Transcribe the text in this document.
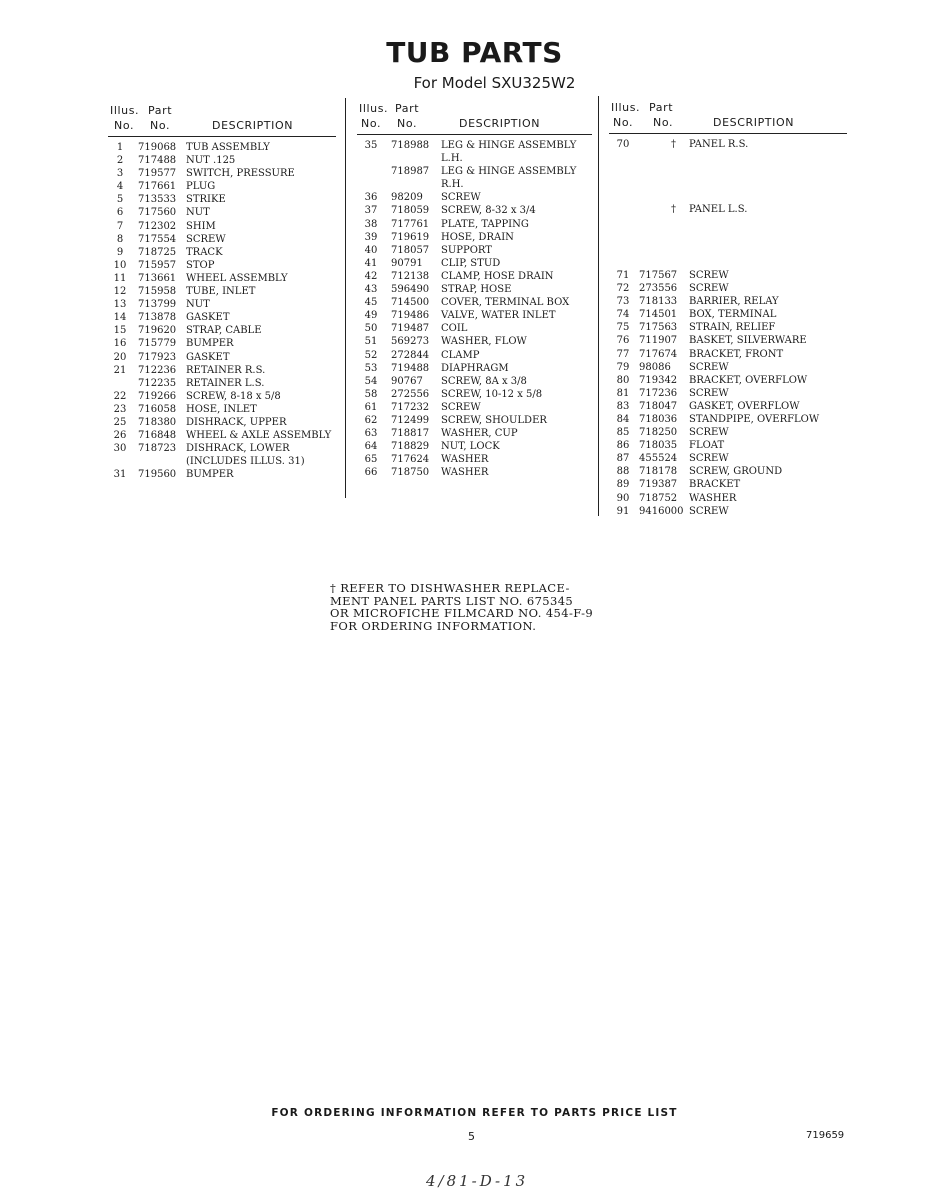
TUB PARTS
For Model SXU325W2
Illus. Part
No. No.	DESCRIPTION
1	719068 TUB ASSEMBLY
2	717488 NUT .125
3	719577 SWITCH, PRESSURE
4	717661 PLUG
5	713533 STRIKE
6	717560 NUT
7	712302 SHIM
8	717554 SCREW
9	718725 TRACK
10	715957 STOP
11	713661 WHEEL ASSEMBLY
12	715958 TUBE, INLET
13	713799 NUT
14	713878 GASKET
15	719620 STRAP, CABLE
16	715779 BUMPER
20	717923 GASKET
21	712236 RETAINER R.S.
712235 RETAINER L.S.
22	719266 SCREW, 8-18 x 5/8
23	716058 HOSE, INLET
25	718380 DISHRACK, UPPER
26	716848 WHEEL & AXLE ASSEMBLY
30	718723 DISHRACK, LOWER
(INCLUDES ILLUS. 31)
31	719560 BUMPER
Illus. Part
No. No.	DESCRIPTION
35	718988	LEG & HINGE ASSEMBLY
L.H.
718987	LEG & HINGE ASSEMBLY
R.H.
36	98209	SCREW
37	718059	SCREW, 8-32 x 3/4
38	717761	PLATE, TAPPING
39	719619	HOSE, DRAIN
40	718057	SUPPORT
41	90791	CLIP, STUD
42	712138	CLAMP, HOSE DRAIN
43	596490	STRAP, HOSE
45	714500	COVER, TERMINAL BOX
49	719486	VALVE, WATER INLET
50	719487	COIL
51	569273	WASHER, FLOW
52	272844	CLAMP
53	719488	DIAPHRAGM
54	90767	SCREW, 8A x 3/8
58	272556	SCREW, 10-12 x 5/8
61	717232	SCREW
62	712499	SCREW, SHOULDER
63	718817	WASHER, CUP
64	718829	NUT, LOCK
65	717624	WASHER
66	718750	WASHER
Illus. Part
No. No.	DESCRIPTION
70	†	PANEL R.S.
†	PANEL L.S.
71 717567	SCREW
72 273556	SCREW
73 718133	BARRIER, RELAY
74 714501	BOX, TERMINAL
75 717563	STRAIN, RELIEF
76 711907	BASKET, SILVERWARE
77 717674	BRACKET, FRONT
79 98086	SCREW
80 719342	BRACKET, OVERFLOW
81 717236	SCREW
83 718047	GASKET, OVERFLOW
84 718036	STANDPIPE, OVERFLOW
85 718250	SCREW
86 718035	FLOAT
87 455524	SCREW
88 718178	SCREW, GROUND
89 719387	BRACKET
90 718752	WASHER
91 9416000 SCREW
† REFER TO DISHWASHER REPLACE-
MENT PANEL PARTS LIST NO. 675345
OR MICROFICHE FILMCARD NO. 454-F-9
FOR ORDERING INFORMATION.
FOR ORDERING INFORMATION REFER TO PARTS PRICE LIST
5	719659
4/81-D-13
